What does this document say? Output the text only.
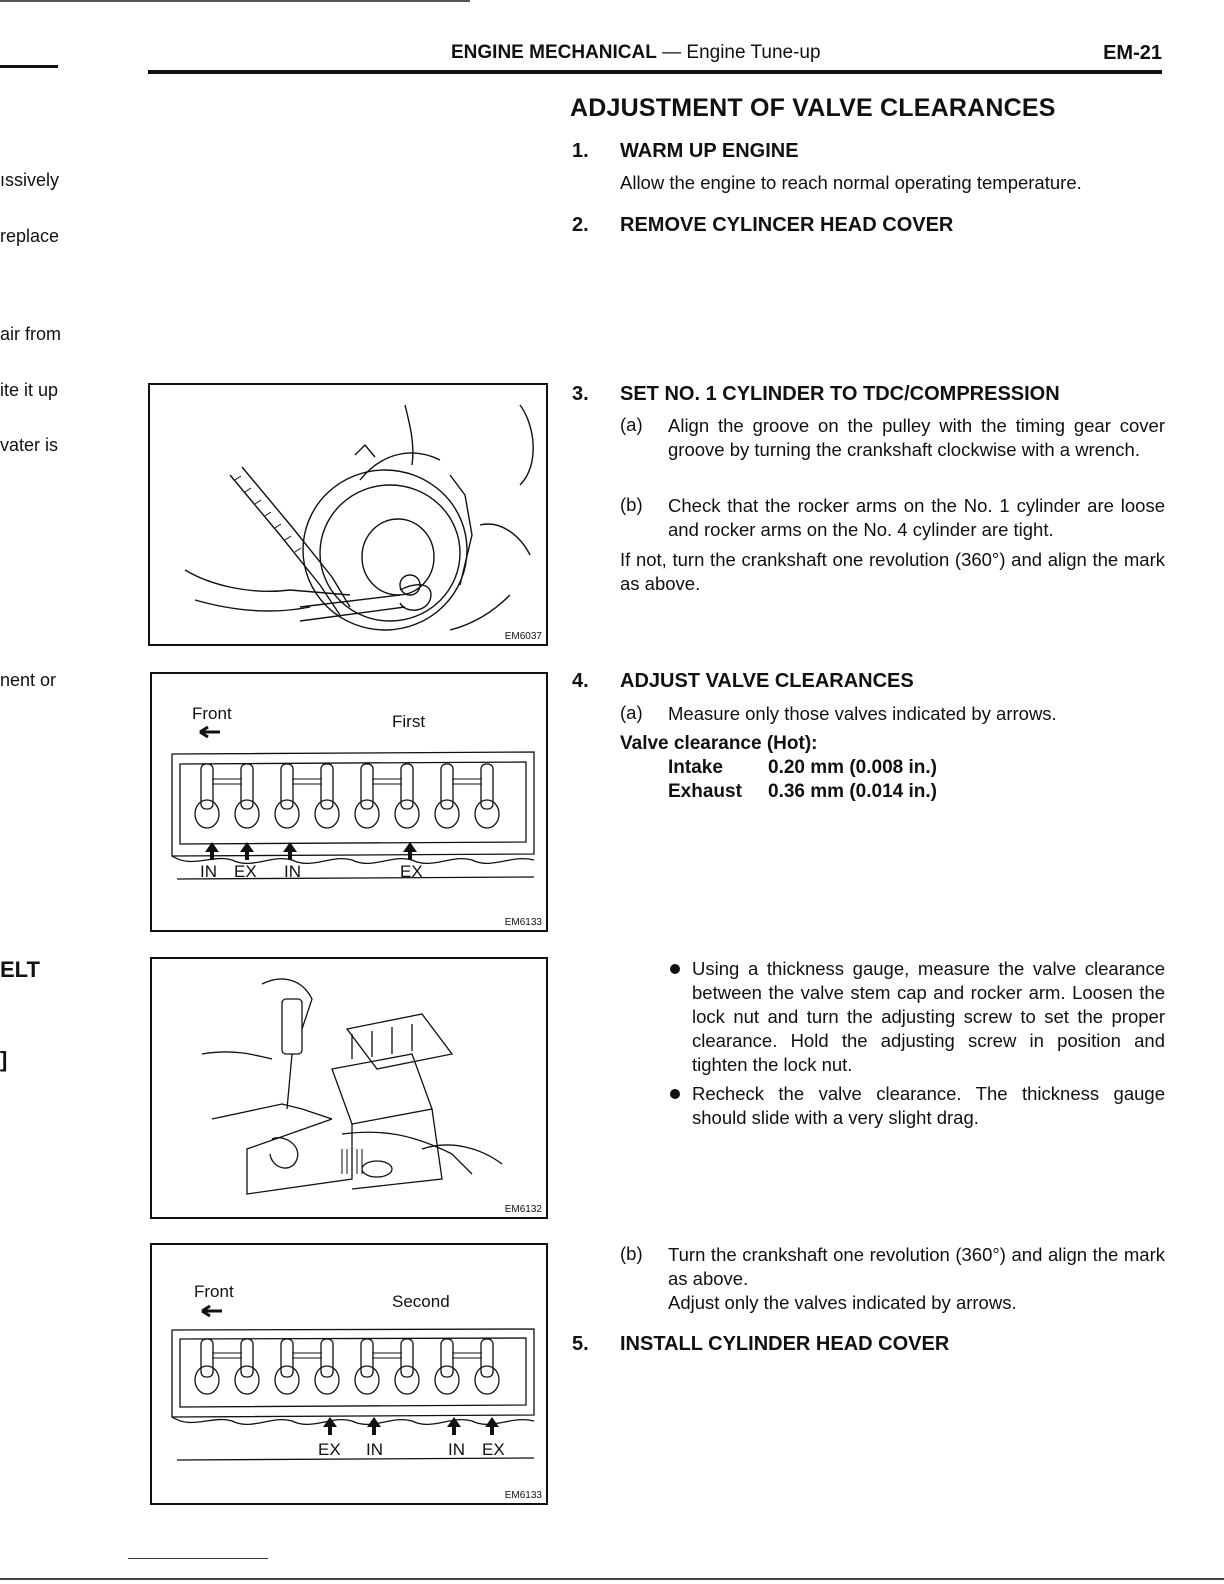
ENGINE MECHANICAL — Engine Tune-up	EM-21
ıssively
replace
air from
ite it up
vater is
nent or
ELT
]
ADJUSTMENT OF VALVE CLEARANCES
1. WARM UP ENGINE
Allow the engine to reach normal operating temperature.
2. REMOVE CYLINCER HEAD COVER
3. SET NO. 1 CYLINDER TO TDC/COMPRESSION
(a) Align the groove on the pulley with the timing gear cover groove by turning the crankshaft clockwise with a wrench.
(b) Check that the rocker arms on the No. 1 cylinder are loose and rocker arms on the No. 4 cylinder are tight.
If not, turn the crankshaft one revolution (360°) and align the mark as above.
4. ADJUST VALVE CLEARANCES
(a) Measure only those valves indicated by arrows.
Valve clearance (Hot):
Intake 0.20 mm (0.008 in.)
Exhaust 0.36 mm (0.014 in.)
Using a thickness gauge, measure the valve clearance between the valve stem cap and rocker arm. Loosen the lock nut and turn the adjusting screw to set the proper clearance. Hold the adjusting screw in position and tighten the lock nut.
Recheck the valve clearance. The thickness gauge should slide with a very slight drag.
(b) Turn the crankshaft one revolution (360°) and align the mark as above.
Adjust only the valves indicated by arrows.
5. INSTALL CYLINDER HEAD COVER
EM6037
Front	First
IN EX IN	EX
EM6133
EM6132
Front
Second
EX IN	IN EX
EM6133
